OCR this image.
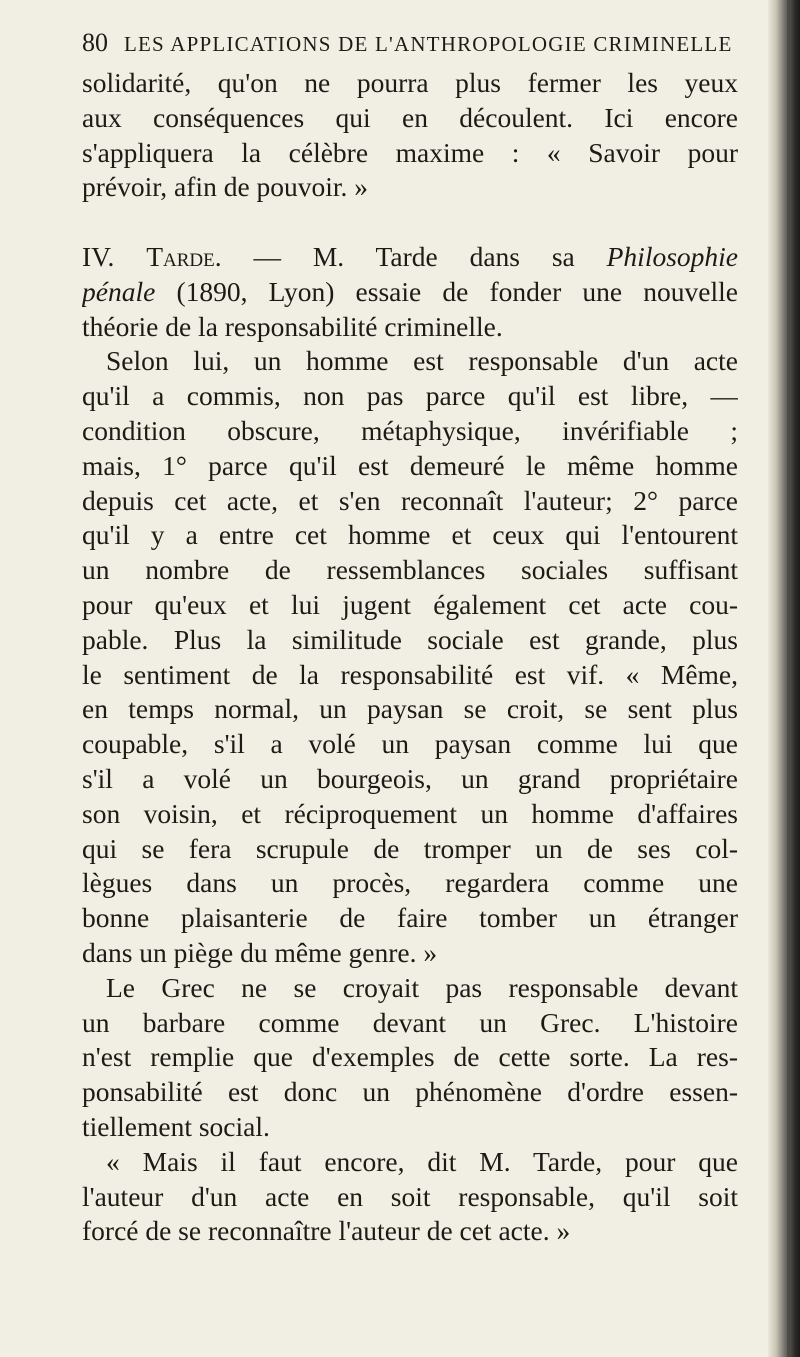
80 LES APPLICATIONS DE L'ANTHROPOLOGIE CRIMINELLE
solidarité, qu'on ne pourra plus fermer les yeux
aux conséquences qui en découlent. Ici encore
s'appliquera la célèbre maxime : « Savoir pour
prévoir, afin de pouvoir. »
IV. Tarde. — M. Tarde dans sa Philosophie
pénale (1890, Lyon) essaie de fonder une nouvelle
théorie de la responsabilité criminelle.
Selon lui, un homme est responsable d'un acte
qu'il a commis, non pas parce qu'il est libre, —
condition obscure, métaphysique, invérifiable ;
mais, 1° parce qu'il est demeuré le même homme
depuis cet acte, et s'en reconnaît l'auteur; 2° parce
qu'il y a entre cet homme et ceux qui l'entourent
un nombre de ressemblances sociales suffisant
pour qu'eux et lui jugent également cet acte cou-
pable. Plus la similitude sociale est grande, plus
le sentiment de la responsabilité est vif. « Même,
en temps normal, un paysan se croit, se sent plus
coupable, s'il a volé un paysan comme lui que
s'il a volé un bourgeois, un grand propriétaire
son voisin, et réciproquement un homme d'affaires
qui se fera scrupule de tromper un de ses col-
lègues dans un procès, regardera comme une
bonne plaisanterie de faire tomber un étranger
dans un piège du même genre. »
Le Grec ne se croyait pas responsable devant
un barbare comme devant un Grec. L'histoire
n'est remplie que d'exemples de cette sorte. La res-
ponsabilité est donc un phénomène d'ordre essen-
tiellement social.
« Mais il faut encore, dit M. Tarde, pour que
l'auteur d'un acte en soit responsable, qu'il soit
forcé de se reconnaître l'auteur de cet acte. »
